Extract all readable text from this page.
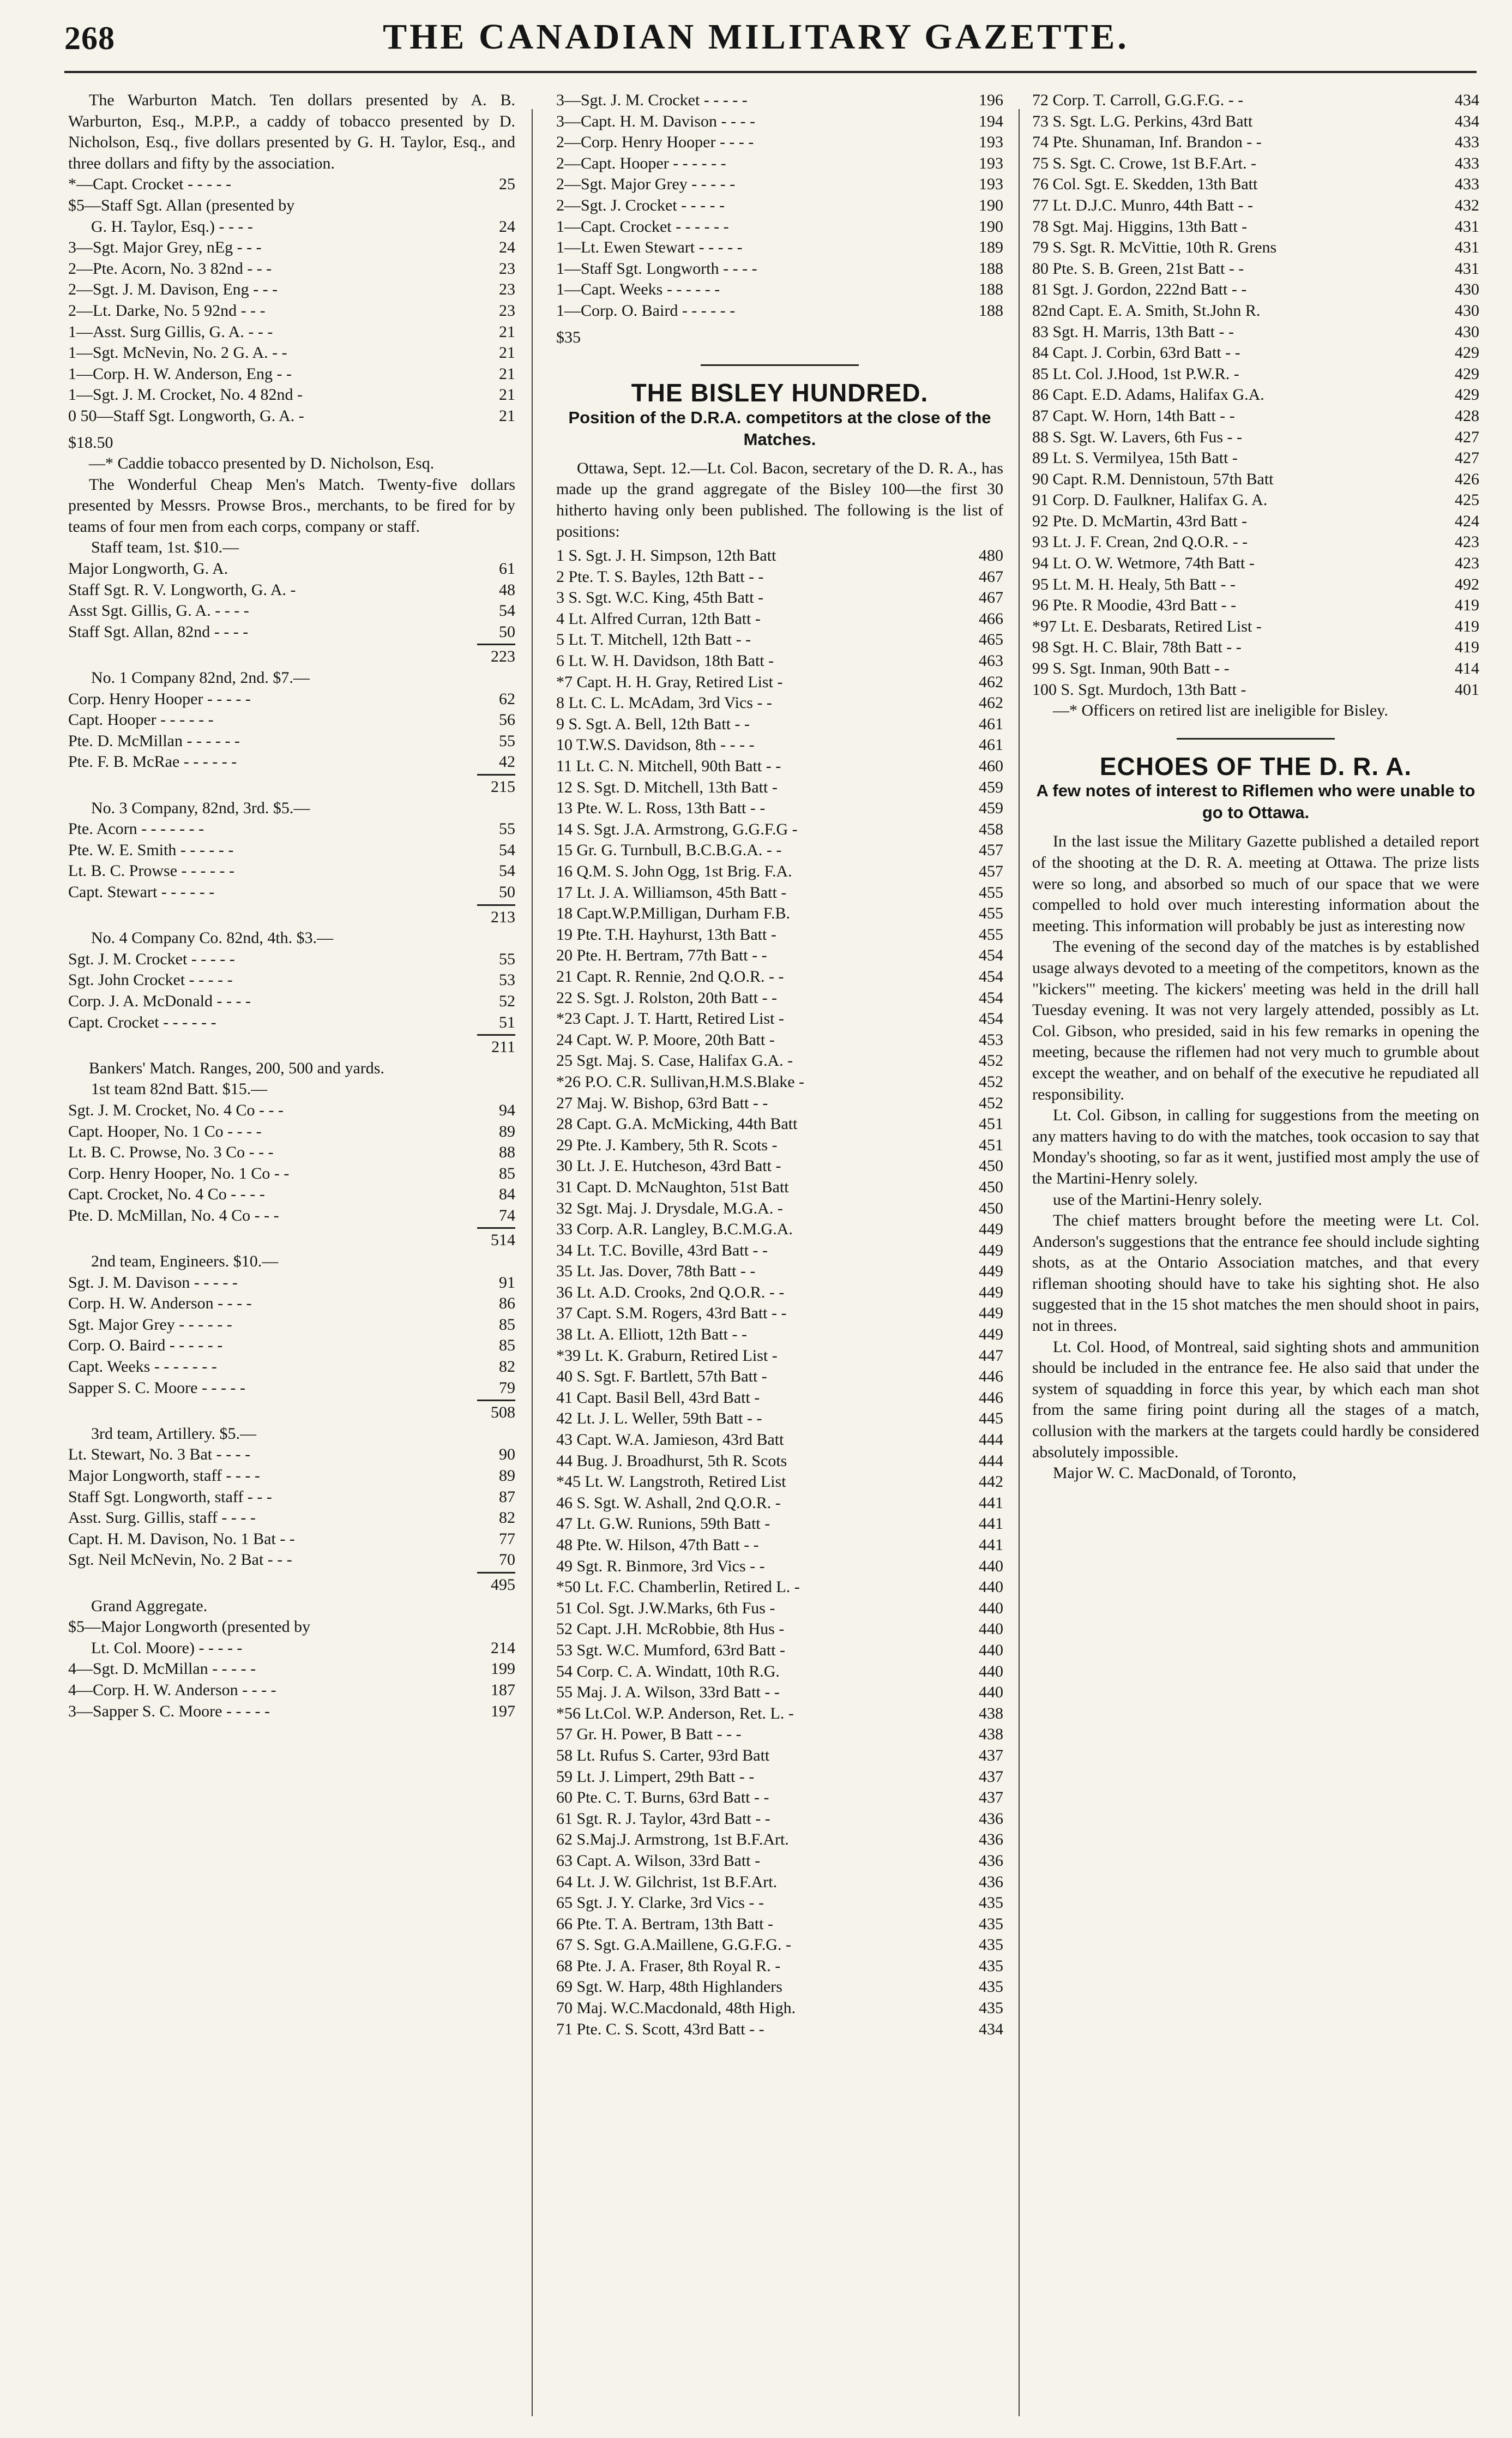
268	THE CANADIAN MILITARY GAZETTE.

The Warburton Match. Ten dollars presented by A. B. Warburton, Esq., M.P.P., a caddy of tobacco presented by D. Nicholson, Esq., five dollars presented by G. H. Taylor, Esq., and three dollars and fifty by the association.

*—Capt. Crocket - - - - -	25
$5—Staff Sgt. Allan (presented by
G. H. Taylor, Esq.) - - - -	24
3—Sgt. Major Grey, nEg - - -	24
2—Pte. Acorn, No. 3 82nd - - -	23
2—Sgt. J. M. Davison, Eng - - -	23
2—Lt. Darke, No. 5 92nd - - -	23
1—Asst. Surg Gillis, G. A. - - -	21
1—Sgt. McNevin, No. 2 G. A. - -	21
1—Corp. H. W. Anderson, Eng - -	21
1—Sgt. J. M. Crocket, No. 4 82nd -	21
0 50—Staff Sgt. Longworth, G. A. -	21
$18.50

—* Caddie tobacco presented by D. Nicholson, Esq.

The Wonderful Cheap Men's Match. Twenty-five dollars presented by Messrs. Prowse Bros., merchants, to be fired for by teams of four men from each corps, company or staff.

Staff team, 1st. $10.—
Major Longworth, G. A.	61
Staff Sgt. R. V. Longworth, G. A. -	48
Asst Sgt. Gillis, G. A. - - - -	54
Staff Sgt. Allan, 82nd - - - -	50
223
No. 1 Company 82nd, 2nd. $7.—
Corp. Henry Hooper - - - - -	62
Capt. Hooper - - - - - -	56
Pte. D. McMillan - - - - - -	55
Pte. F. B. McRae - - - - - -	42
215
No. 3 Company, 82nd, 3rd. $5.—
Pte. Acorn - - - - - - -	55
Pte. W. E. Smith - - - - - -	54
Lt. B. C. Prowse - - - - - -	54
Capt. Stewart - - - - - -	50
213
No. 4 Company Co. 82nd, 4th. $3.—
Sgt. J. M. Crocket - - - - -	55
Sgt. John Crocket - - - - -	53
Corp. J. A. McDonald - - - -	52
Capt. Crocket - - - - - -	51
211

Bankers' Match. Ranges, 200, 500 and yards.

1st team 82nd Batt. $15.—
Sgt. J. M. Crocket, No. 4 Co - - -	94
Capt. Hooper, No. 1 Co - - - -	89
Lt. B. C. Prowse, No. 3 Co - - -	88
Corp. Henry Hooper, No. 1 Co - -	85
Capt. Crocket, No. 4 Co - - - -	84
Pte. D. McMillan, No. 4 Co - - -	74
514
2nd team, Engineers. $10.—
Sgt. J. M. Davison - - - - -	91
Corp. H. W. Anderson - - - -	86
Sgt. Major Grey - - - - - -	85
Corp. O. Baird - - - - - -	85
Capt. Weeks - - - - - - -	82
Sapper S. C. Moore - - - - -	79
508
3rd team, Artillery. $5.—
Lt. Stewart, No. 3 Bat - - - -	90
Major Longworth, staff - - - -	89
Staff Sgt. Longworth, staff - - -	87
Asst. Surg. Gillis, staff - - - -	82
Capt. H. M. Davison, No. 1 Bat - -	77
Sgt. Neil McNevin, No. 2 Bat - - -	70
495
Grand Aggregate.
$5—Major Longworth (presented by
Lt. Col. Moore) - - - - -	214
4—Sgt. D. McMillan - - - - -	199
4—Corp. H. W. Anderson - - - -	187
3—Sapper S. C. Moore - - - - -	197
3—Sgt. J. M. Crocket - - - - -	196
3—Capt. H. M. Davison - - - -	194
2—Corp. Henry Hooper - - - -	193
2—Capt. Hooper - - - - - -	193
2—Sgt. Major Grey - - - - -	193
2—Sgt. J. Crocket - - - - -	190
1—Capt. Crocket - - - - - -	190
1—Lt. Ewen Stewart - - - - -	189
1—Staff Sgt. Longworth - - - -	188
1—Capt. Weeks - - - - - -	188
1—Corp. O. Baird - - - - - -	188
$35
THE BISLEY HUNDRED.
Position of the D.R.A. competitors at the close of the Matches.

Ottawa, Sept. 12.—Lt. Col. Bacon, secretary of the D. R. A., has made up the grand aggregate of the Bisley 100—the first 30 hitherto having only been published. The following is the list of positions:

1 S. Sgt. J. H. Simpson, 12th Batt	480
2 Pte. T. S. Bayles, 12th Batt - -	467
3 S. Sgt. W.C. King, 45th Batt -	467
4 Lt. Alfred Curran, 12th Batt -	466
5 Lt. T. Mitchell, 12th Batt - -	465
6 Lt. W. H. Davidson, 18th Batt -	463
*7 Capt. H. H. Gray, Retired List -	462
8 Lt. C. L. McAdam, 3rd Vics - -	462
9 S. Sgt. A. Bell, 12th Batt - -	461
10 T.W.S. Davidson, 8th - - - -	461
11 Lt. C. N. Mitchell, 90th Batt - -	460
12 S. Sgt. D. Mitchell, 13th Batt -	459
13 Pte. W. L. Ross, 13th Batt - -	459
14 S. Sgt. J.A. Armstrong, G.G.F.G -	458
15 Gr. G. Turnbull, B.C.B.G.A. - -	457
16 Q.M. S. John Ogg, 1st Brig. F.A.	457
17 Lt. J. A. Williamson, 45th Batt -	455
18 Capt.W.P.Milligan, Durham F.B.	455
19 Pte. T.H. Hayhurst, 13th Batt -	455
20 Pte. H. Bertram, 77th Batt - -	454
21 Capt. R. Rennie, 2nd Q.O.R. - -	454
22 S. Sgt. J. Rolston, 20th Batt - -	454
*23 Capt. J. T. Hartt, Retired List -	454
24 Capt. W. P. Moore, 20th Batt -	453
25 Sgt. Maj. S. Case, Halifax G.A. -	452
*26 P.O. C.R. Sullivan,H.M.S.Blake -	452
27 Maj. W. Bishop, 63rd Batt - -	452
28 Capt. G.A. McMicking, 44th Batt	451
29 Pte. J. Kambery, 5th R. Scots -	451
30 Lt. J. E. Hutcheson, 43rd Batt -	450
31 Capt. D. McNaughton, 51st Batt	450
32 Sgt. Maj. J. Drysdale, M.G.A. -	450
33 Corp. A.R. Langley, B.C.M.G.A.	449
34 Lt. T.C. Boville, 43rd Batt - -	449
35 Lt. Jas. Dover, 78th Batt - -	449
36 Lt. A.D. Crooks, 2nd Q.O.R. - -	449
37 Capt. S.M. Rogers, 43rd Batt - -	449
38 Lt. A. Elliott, 12th Batt - -	449
*39 Lt. K. Graburn, Retired List -	447
40 S. Sgt. F. Bartlett, 57th Batt -	446
41 Capt. Basil Bell, 43rd Batt -	446
42 Lt. J. L. Weller, 59th Batt - -	445
43 Capt. W.A. Jamieson, 43rd Batt	444
44 Bug. J. Broadhurst, 5th R. Scots	444
*45 Lt. W. Langstroth, Retired List	442
46 S. Sgt. W. Ashall, 2nd Q.O.R. -	441
47 Lt. G.W. Runions, 59th Batt -	441
48 Pte. W. Hilson, 47th Batt - -	441
49 Sgt. R. Binmore, 3rd Vics - -	440
*50 Lt. F.C. Chamberlin, Retired L. -	440
51 Col. Sgt. J.W.Marks, 6th Fus -	440
52 Capt. J.H. McRobbie, 8th Hus -	440
53 Sgt. W.C. Mumford, 63rd Batt -	440
54 Corp. C. A. Windatt, 10th R.G.	440
55 Maj. J. A. Wilson, 33rd Batt - -	440
*56 Lt.Col. W.P. Anderson, Ret. L. -	438
57 Gr. H. Power, B Batt - - -	438
58 Lt. Rufus S. Carter, 93rd Batt	437
59 Lt. J. Limpert, 29th Batt - -	437
60 Pte. C. T. Burns, 63rd Batt - -	437
61 Sgt. R. J. Taylor, 43rd Batt - -	436
62 S.Maj.J. Armstrong, 1st B.F.Art.	436
63 Capt. A. Wilson, 33rd Batt -	436
64 Lt. J. W. Gilchrist, 1st B.F.Art.	436
65 Sgt. J. Y. Clarke, 3rd Vics - -	435
66 Pte. T. A. Bertram, 13th Batt -	435
67 S. Sgt. G.A.Maillene, G.G.F.G. -	435
68 Pte. J. A. Fraser, 8th Royal R. -	435
69 Sgt. W. Harp, 48th Highlanders	435
70 Maj. W.C.Macdonald, 48th High.	435
71 Pte. C. S. Scott, 43rd Batt - -	434
72 Corp. T. Carroll, G.G.F.G. - -	434
73 S. Sgt. L.G. Perkins, 43rd Batt	434
74 Pte. Shunaman, Inf. Brandon - -	433
75 S. Sgt. C. Crowe, 1st B.F.Art. -	433
76 Col. Sgt. E. Skedden, 13th Batt	433
77 Lt. D.J.C. Munro, 44th Batt - -	432
78 Sgt. Maj. Higgins, 13th Batt -	431
79 S. Sgt. R. McVittie, 10th R. Grens	431
80 Pte. S. B. Green, 21st Batt - -	431
81 Sgt. J. Gordon, 222nd Batt - -	430
82nd Capt. E. A. Smith, St.John R.	430
83 Sgt. H. Marris, 13th Batt - -	430
84 Capt. J. Corbin, 63rd Batt - -	429
85 Lt. Col. J.Hood, 1st P.W.R. -	429
86 Capt. E.D. Adams, Halifax G.A.	429
87 Capt. W. Horn, 14th Batt - -	428
88 S. Sgt. W. Lavers, 6th Fus - -	427
89 Lt. S. Vermilyea, 15th Batt -	427
90 Capt. R.M. Dennistoun, 57th Batt	426
91 Corp. D. Faulkner, Halifax G. A.	425
92 Pte. D. McMartin, 43rd Batt -	424
93 Lt. J. F. Crean, 2nd Q.O.R. - -	423
94 Lt. O. W. Wetmore, 74th Batt -	423
95 Lt. M. H. Healy, 5th Batt - -	492
96 Pte. R Moodie, 43rd Batt - -	419
*97 Lt. E. Desbarats, Retired List -	419
98 Sgt. H. C. Blair, 78th Batt - -	419
99 S. Sgt. Inman, 90th Batt - -	414
100 S. Sgt. Murdoch, 13th Batt -	401

—* Officers on retired list are ineligible for Bisley.

ECHOES OF THE D. R. A.
A few notes of interest to Riflemen who were unable to go to Ottawa.

In the last issue the Military Gazette published a detailed report of the shooting at the D. R. A. meeting at Ottawa. The prize lists were so long, and absorbed so much of our space that we were compelled to hold over much interesting information about the meeting. This information will probably be just as interesting now

The evening of the second day of the matches is by established usage always devoted to a meeting of the competitors, known as the "kickers'" meeting. The kickers' meeting was held in the drill hall Tuesday evening. It was not very largely attended, possibly as Lt. Col. Gibson, who presided, said in his few remarks in opening the meeting, because the riflemen had not very much to grumble about except the weather, and on behalf of the executive he repudiated all responsibility.

Lt. Col. Gibson, in calling for suggestions from the meeting on any matters having to do with the matches, took occasion to say that Monday's shooting, so far as it went, justified most amply the use of the Martini-Henry solely.

use of the Martini-Henry solely.

The chief matters brought before the meeting were Lt. Col. Anderson's suggestions that the entrance fee should include sighting shots, as at the Ontario Association matches, and that every rifleman shooting should have to take his sighting shot. He also suggested that in the 15 shot matches the men should shoot in pairs, not in threes.

Lt. Col. Hood, of Montreal, said sighting shots and ammunition should be included in the entrance fee. He also said that under the system of squadding in force this year, by which each man shot from the same firing point during all the stages of a match, collusion with the markers at the targets could hardly be considered absolutely impossible.

Major W. C. MacDonald, of Toronto,
